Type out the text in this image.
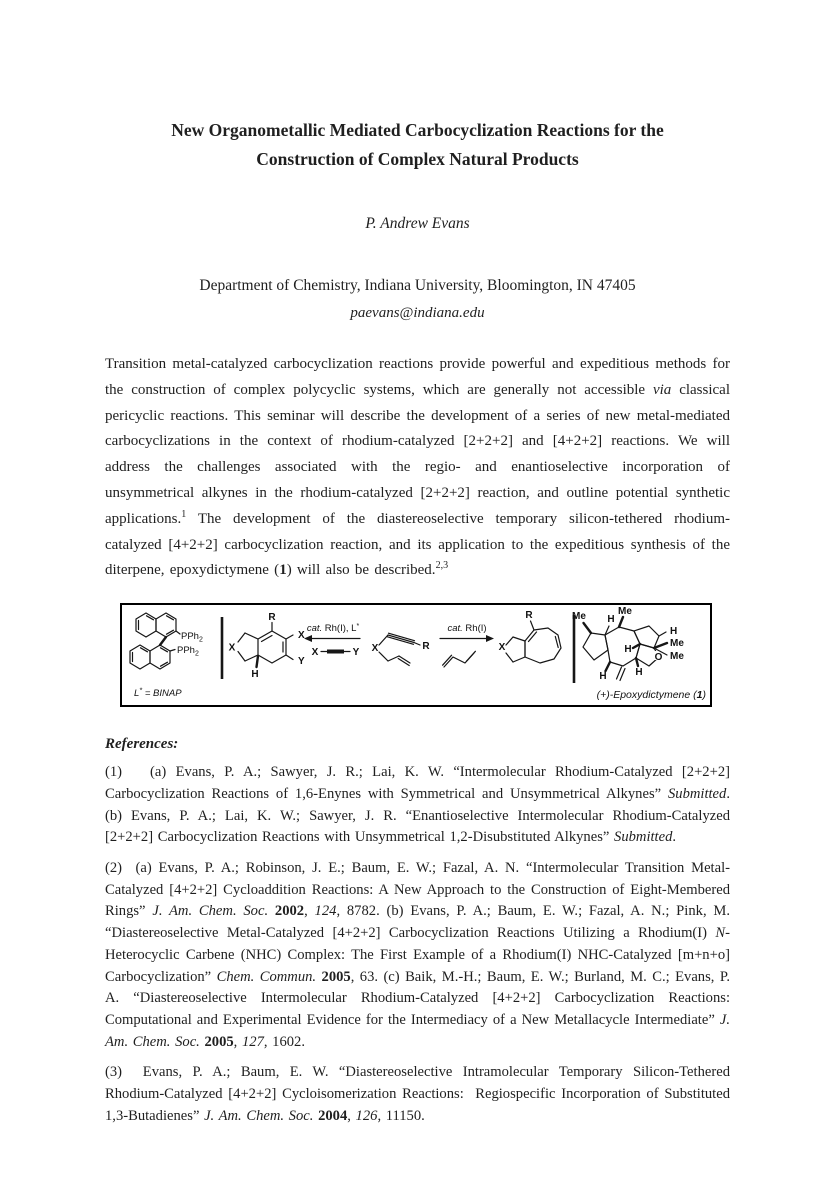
New Organometallic Mediated Carbocyclization Reactions for the
Construction of Complex Natural Products
P. Andrew Evans
Department of Chemistry, Indiana University, Bloomington, IN 47405
paevans@indiana.edu
Transition metal-catalyzed carbocyclization reactions provide powerful and expeditious methods for the construction of complex polycyclic systems, which are generally not accessible via classical pericyclic reactions. This seminar will describe the development of a series of new metal-mediated carbocyclizations in the context of rhodium-catalyzed [2+2+2] and [4+2+2] reactions. We will address the challenges associated with the regio- and enantioselective incorporation of unsymmetrical alkynes in the rhodium-catalyzed [2+2+2] reaction, and outline potential synthetic applications.$^1$ The development of the diastereoselective temporary silicon-tethered rhodium-catalyzed [4+2+2] carbocyclization reaction, and its application to the expeditious synthesis of the diterpene, epoxydictymene (1) will also be described.$^{2,3}$
PPh$_2$
PPh$_2$
L* = BINAP
R
X
Y
X
H
cat. Rh(I), L*
X	Y X	R
cat. Rh(I)
X
R
O
Me H
Me
H
H
Me
Me
H	H
(+)-Epoxydictymene (1)
References:
(1)   (a) Evans, P. A.; Sawyer, J. R.; Lai, K. W. “Intermolecular Rhodium-Catalyzed [2+2+2] Carbocyclization Reactions of 1,6-Enynes with Symmetrical and Unsymmetrical Alkynes” Submitted. (b) Evans, P. A.; Lai, K. W.; Sawyer, J. R. “Enantioselective Intermolecular Rhodium-Catalyzed [2+2+2] Carbocyclization Reactions with Unsymmetrical 1,2-Disubstituted Alkynes” Submitted.
(2)  (a) Evans, P. A.; Robinson, J. E.; Baum, E. W.; Fazal, A. N. “Intermolecular Transition Metal-Catalyzed [4+2+2] Cycloaddition Reactions: A New Approach to the Construction of Eight-Membered Rings” J. Am. Chem. Soc. 2002, 124, 8782. (b) Evans, P. A.; Baum, E. W.; Fazal, A. N.; Pink, M. “Diastereoselective Metal-Catalyzed [4+2+2] Carbocyclization Reactions Utilizing a Rhodium(I) N-Heterocyclic Carbene (NHC) Complex: The First Example of a Rhodium(I) NHC-Catalyzed [m+n+o] Carbocyclization” Chem. Commun. 2005, 63. (c) Baik, M.-H.; Baum, E. W.; Burland, M. C.; Evans, P. A. “Diastereoselective Intermolecular Rhodium-Catalyzed [4+2+2] Carbocyclization Reactions: Computational and Experimental Evidence for the Intermediacy of a New Metallacycle Intermediate” J. Am. Chem. Soc. 2005, 127, 1602.
(3)  Evans, P. A.; Baum, E. W. “Diastereoselective Intramolecular Temporary Silicon-Tethered Rhodium-Catalyzed [4+2+2] Cycloisomerization Reactions:  Regiospecific Incorporation of Substituted 1,3-Butadienes” J. Am. Chem. Soc. 2004, 126, 11150.
